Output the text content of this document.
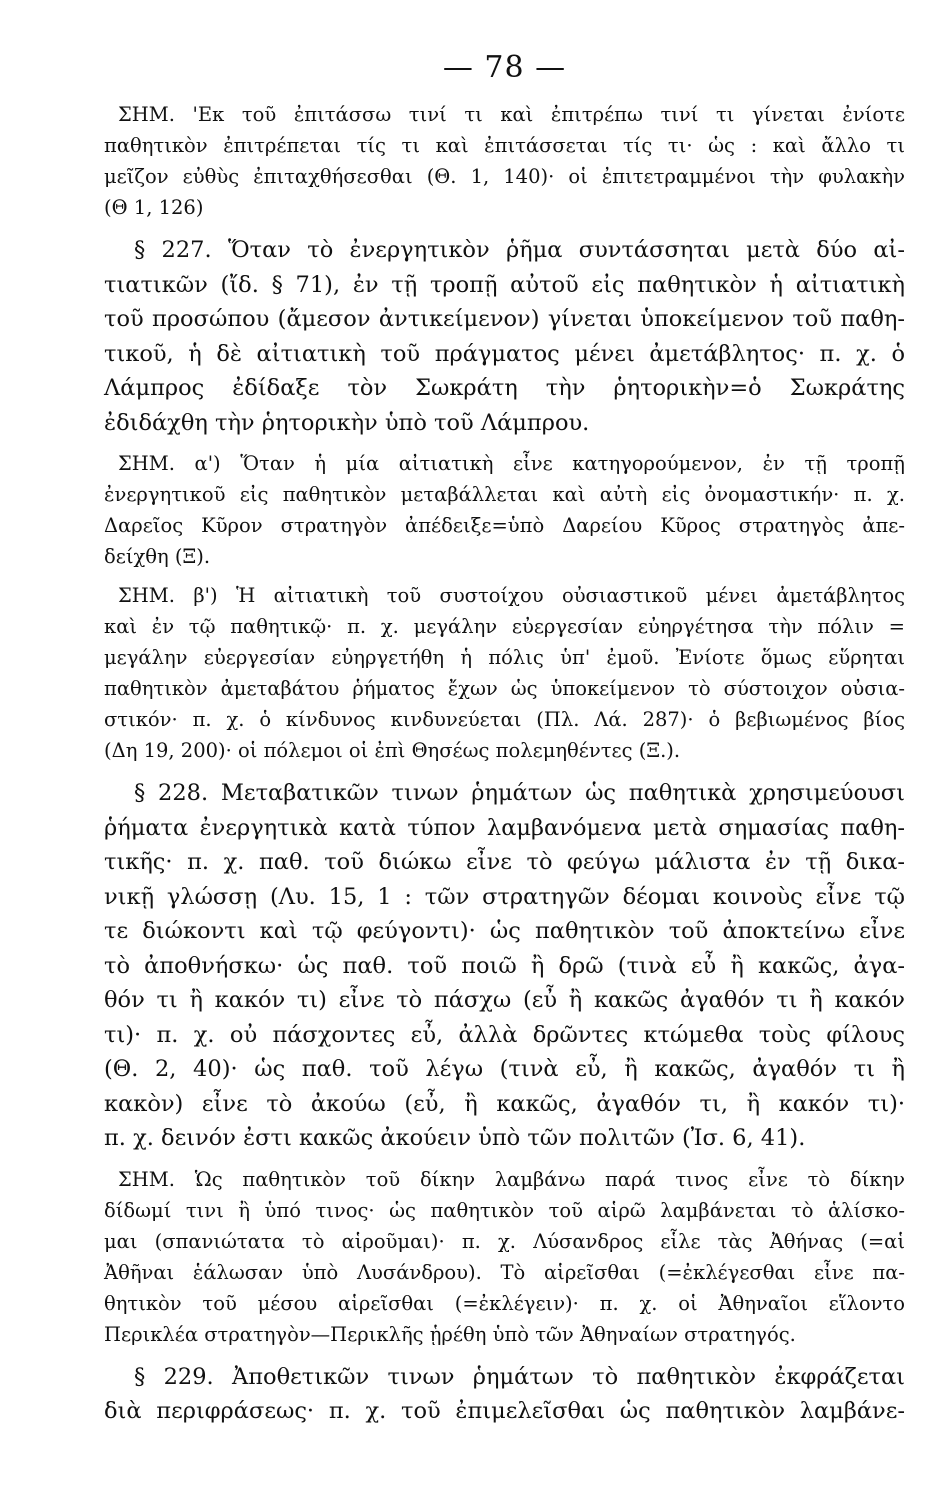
— 78 —
ΣΗΜ. 'Εκ τοῦ ἐπιτάσσω τινί τι καὶ ἐπιτρέπω τινί τι γίνεται ἐνίοτε
παθητικὸν ἐπιτρέπεται τίς τι καὶ ἐπιτάσσεται τίς τι· ὡς : καὶ ἄλλο τι
μεῖζον εὐθὺς ἐπιταχθήσεσθαι (Θ. 1, 140)· οἱ ἐπιτετραμμένοι τὴν φυλακὴν
(Θ 1, 126)
§ 227. Ὅταν τὸ ἐνεργητικὸν ῥῆμα συντάσσηται μετὰ δύο αἰ-
τιατικῶν (ἴδ. § 71), ἐν τῇ τροπῇ αὐτοῦ εἰς παθητικὸν ἡ αἰτιατικὴ
τοῦ προσώπου (ἄμεσον ἀντικείμενον) γίνεται ὑποκείμενον τοῦ παθη-
τικοῦ, ἡ δὲ αἰτιατικὴ τοῦ πράγματος μένει ἀμετάβλητος· π. χ. ὁ
Λάμπρος ἐδίδαξε τὸν Σωκράτη τὴν ῥητορικὴν=ὁ Σωκράτης
ἐδιδάχθη τὴν ῥητορικὴν ὑπὸ τοῦ Λάμπρου.
ΣΗΜ. α') Ὅταν ἡ μία αἰτιατικὴ εἶνε κατηγορούμενον, ἐν τῇ τροπῇ
ἐνεργητικοῦ εἰς παθητικὸν μεταβάλλεται καὶ αὐτὴ εἰς ὀνομαστικήν· π. χ.
Δαρεῖος Κῦρον στρατηγὸν ἀπέδειξε=ὑπὸ Δαρείου Κῦρος στρατηγὸς ἀπε-
δείχθη (Ξ).
ΣΗΜ. β') Ἡ αἰτιατικὴ τοῦ συστοίχου οὐσιαστικοῦ μένει ἀμετάβλητος
καὶ ἐν τῷ παθητικῷ· π. χ. μεγάλην εὐεργεσίαν εὐηργέτησα τὴν πόλιν =
μεγάλην εὐεργεσίαν εὐηργετήθη ἡ πόλις ὑπ' ἐμοῦ. Ἐνίοτε ὅμως εὕρηται
παθητικὸν ἀμεταβάτου ῥήματος ἔχων ὡς ὑποκείμενον τὸ σύστοιχον οὐσια-
στικόν· π. χ. ὁ κίνδυνος κινδυνεύεται (Πλ. Λά. 287)· ὁ βεβιωμένος βίος
(Δη 19, 200)· οἱ πόλεμοι οἱ ἐπὶ Θησέως πολεμηθέντες (Ξ.).
§ 228. Μεταβατικῶν τινων ῥημάτων ὡς παθητικὰ χρησιμεύουσι
ῥήματα ἐνεργητικὰ κατὰ τύπον λαμβανόμενα μετὰ σημασίας παθη-
τικῆς· π. χ. παθ. τοῦ διώκω εἶνε τὸ φεύγω μάλιστα ἐν τῇ δικα-
νικῇ γλώσσῃ (Λυ. 15, 1 : τῶν στρατηγῶν δέομαι κοινοὺς εἶνε τῷ
τε διώκοντι καὶ τῷ φεύγοντι)· ὡς παθητικὸν τοῦ ἀποκτείνω εἶνε
τὸ ἀποθνήσκω· ὡς παθ. τοῦ ποιῶ ἢ δρῶ (τινὰ εὖ ἢ κακῶς, ἀγα-
θόν τι ἢ κακόν τι) εἶνε τὸ πάσχω (εὖ ἢ κακῶς ἀγαθόν τι ἢ κακόν
τι)· π. χ. οὐ πάσχοντες εὖ, ἀλλὰ δρῶντες κτώμεθα τοὺς φίλους
(Θ. 2, 40)· ὡς παθ. τοῦ λέγω (τινὰ εὖ, ἢ κακῶς, ἀγαθόν τι ἢ
κακὸν) εἶνε τὸ ἀκούω (εὖ, ἢ κακῶς, ἀγαθόν τι, ἢ κακόν τι)·
π. χ. δεινόν ἐστι κακῶς ἀκούειν ὑπὸ τῶν πολιτῶν (Ἰσ. 6, 41).
ΣΗΜ. Ὡς παθητικὸν τοῦ δίκην λαμβάνω παρά τινος εἶνε τὸ δίκην
δίδωμί τινι ἢ ὑπό τινος· ὡς παθητικὸν τοῦ αἱρῶ λαμβάνεται τὸ ἁλίσκο-
μαι (σπανιώτατα τὸ αἱροῦμαι)· π. χ. Λύσανδρος εἷλε τὰς Ἀθήνας (=αἱ
Ἀθῆναι ἑάλωσαν ὑπὸ Λυσάνδρου). Τὸ αἱρεῖσθαι (=ἐκλέγεσθαι εἶνε πα-
θητικὸν τοῦ μέσου αἱρεῖσθαι (=ἐκλέγειν)· π. χ. οἱ Ἀθηναῖοι εἵλοντο
Περικλέα στρατηγὸν—Περικλῆς ᾑρέθη ὑπὸ τῶν Ἀθηναίων στρατηγός.
§ 229. Ἀποθετικῶν τινων ῥημάτων τὸ παθητικὸν ἐκφράζεται
διὰ περιφράσεως· π. χ. τοῦ ἐπιμελεῖσθαι ὡς παθητικὸν λαμβάνε-
